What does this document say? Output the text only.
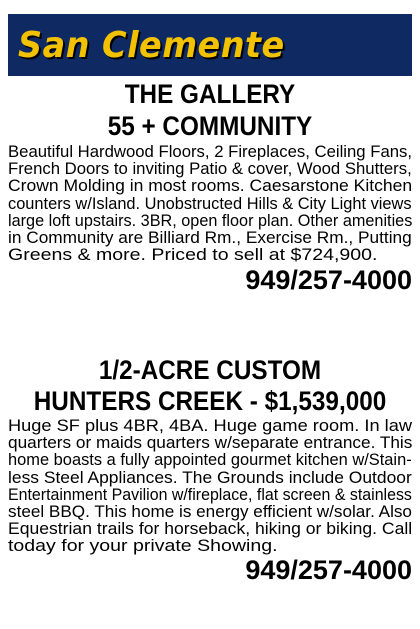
San Clemente
THE GALLERY
55 + COMMUNITY
Beautiful Hardwood Floors, 2 Fireplaces, Ceiling Fans,
French Doors to inviting Patio & cover, Wood Shutters,
Crown Molding in most rooms. Caesarstone Kitchen
counters w/Island. Unobstructed Hills & City Light views
large loft upstairs. 3BR, open floor plan. Other amenities
in Community are Billiard Rm., Exercise Rm., Putting
Greens & more. Priced to sell at $724,900.
949/257-4000
1/2-ACRE CUSTOM
HUNTERS CREEK - $1,539,000
Huge SF plus 4BR, 4BA. Huge game room. In law
quarters or maids quarters w/separate entrance. This
home boasts a fully appointed gourmet kitchen w/Stain-
less Steel Appliances. The Grounds include Outdoor
Entertainment Pavilion w/fireplace, flat screen & stainless
steel BBQ. This home is energy efficient w/solar. Also
Equestrian trails for horseback, hiking or biking. Call
today for your private Showing.
949/257-4000
